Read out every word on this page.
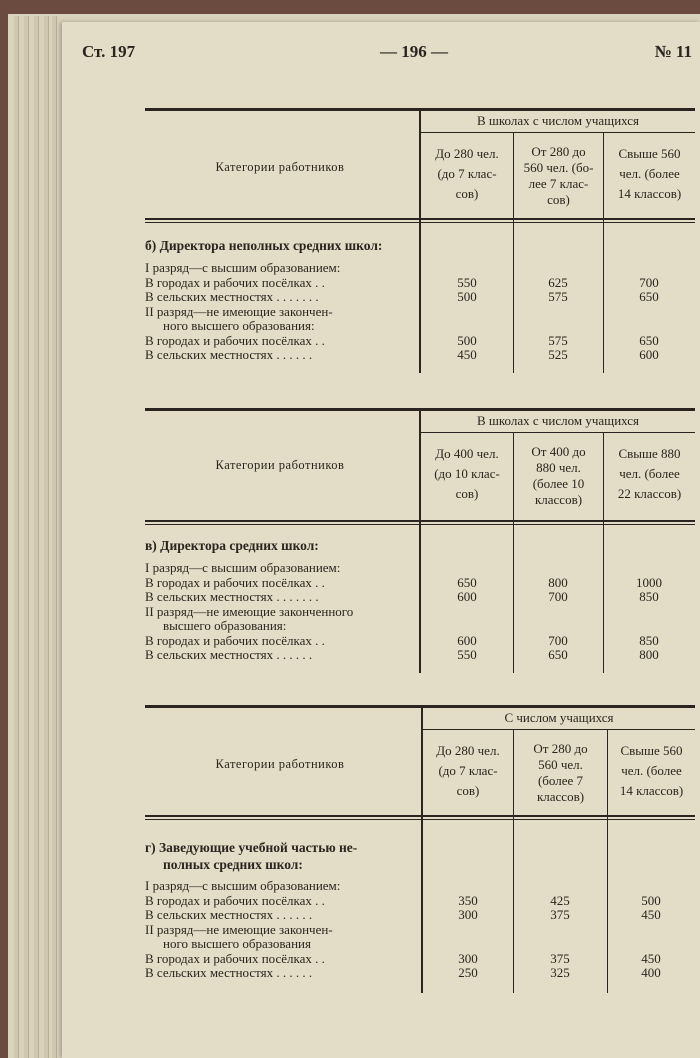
Ст. 197	— 196 —	№ 11
Категории работников
В школах с числом учащихся
До 280 чел.
(до 7 клас-
сов)
От 280 до
560 чел. (бо-
лее 7 клас-
сов)
Свыше 560
чел. (более
14 классов)
б) Директора неполных средних школ:
I разряд—с высшим образованием:
В городах и рабочих посёлках . .	550	625	700
В сельских местностях . . . . . . .	500	575	650
II разряд—не имеющие закончен-
ного высшего образования:
В городах и рабочих посёлках . .	500	575	650
В сельских местностях . . . . . .	450	525	600
Категории работников
В школах с числом учащихся
До 400 чел.
(до 10 клас-
сов)
От 400 до
880 чел.
(более 10
классов)
Свыше 880
чел. (более
22 классов)
в) Директора средних школ:
I разряд—с высшим образованием:
В городах и рабочих посёлках . .	650	800	1000
В сельских местностях . . . . . . .	600	700	850
II разряд—не имеющие законченного
высшего образования:
В городах и рабочих посёлках . .	600	700	850
В сельских местностях . . . . . .	550	650	800
Категории работников
С числом учащихся
До 280 чел.
(до 7 клас-
сов)
От 280 до
560 чел.
(более 7
классов)
Свыше 560
чел. (более
14 классов)
г) Заведующие учебной частью не-
полных средних школ:
I разряд—с высшим образованием:
В городах и рабочих посёлках . .	350	425	500
В сельских местностях . . . . . .	300	375	450
II разряд—не имеющие закончен-
ного высшего образования
В городах и рабочих посёлках . .	300	375	450
В сельских местностях . . . . . .	250	325	400
